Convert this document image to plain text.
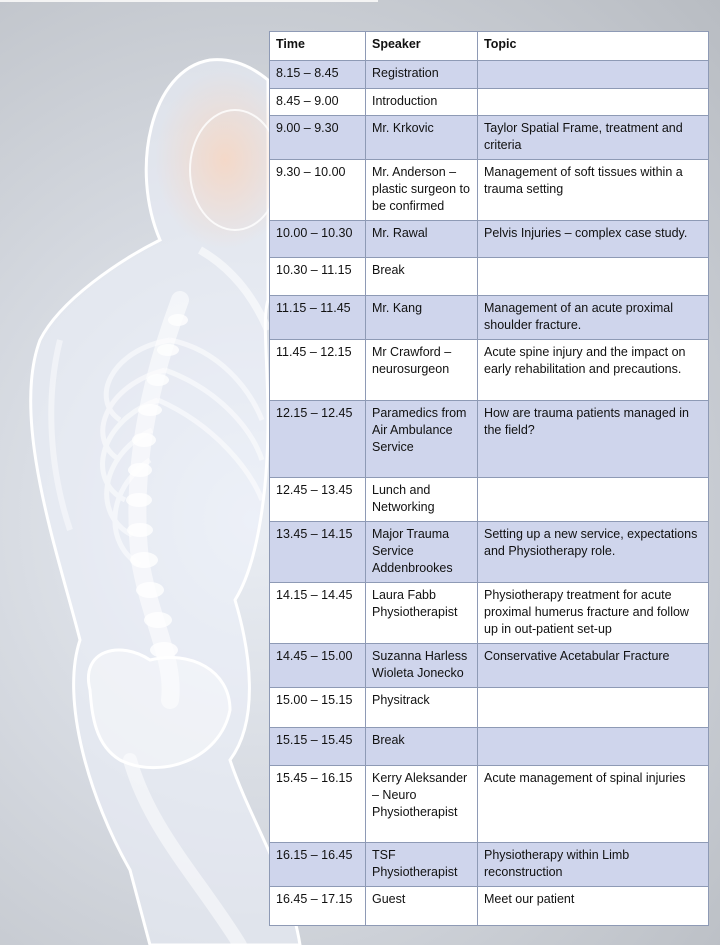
Time	Speaker	Topic
8.15 – 8.45	Registration	
8.45 – 9.00	Introduction	
9.00 – 9.30	Mr. Krkovic	Taylor Spatial Frame, treatment and criteria
9.30 – 10.00	Mr. Anderson – plastic surgeon to be confirmed	Management of soft tissues within a trauma setting
10.00 – 10.30	Mr. Rawal	Pelvis Injuries – complex case study.
10.30 – 11.15	Break	
11.15 – 11.45	Mr. Kang	Management of an acute proximal shoulder fracture.
11.45 – 12.15	Mr Crawford – neurosurgeon	Acute spine injury and the impact on early rehabilitation and precautions.
12.15 – 12.45	Paramedics from Air Ambulance Service	How are trauma patients managed in the field?
12.45 – 13.45	Lunch and Networking	
13.45 – 14.15	Major Trauma Service Addenbrookes	Setting up a new service, expectations and Physiotherapy role.
14.15 – 14.45	Laura Fabb Physiotherapist	Physiotherapy treatment for acute proximal humerus fracture and follow up in out-patient set-up
14.45 – 15.00	Suzanna Harless Wioleta Jonecko	Conservative Acetabular Fracture
15.00 – 15.15	Physitrack	
15.15 – 15.45	Break	
15.45 – 16.15	Kerry Aleksander – Neuro Physiotherapist	Acute management of spinal injuries
16.15 – 16.45	TSF Physiotherapist	Physiotherapy within Limb reconstruction
16.45 – 17.15	Guest	Meet our patient
